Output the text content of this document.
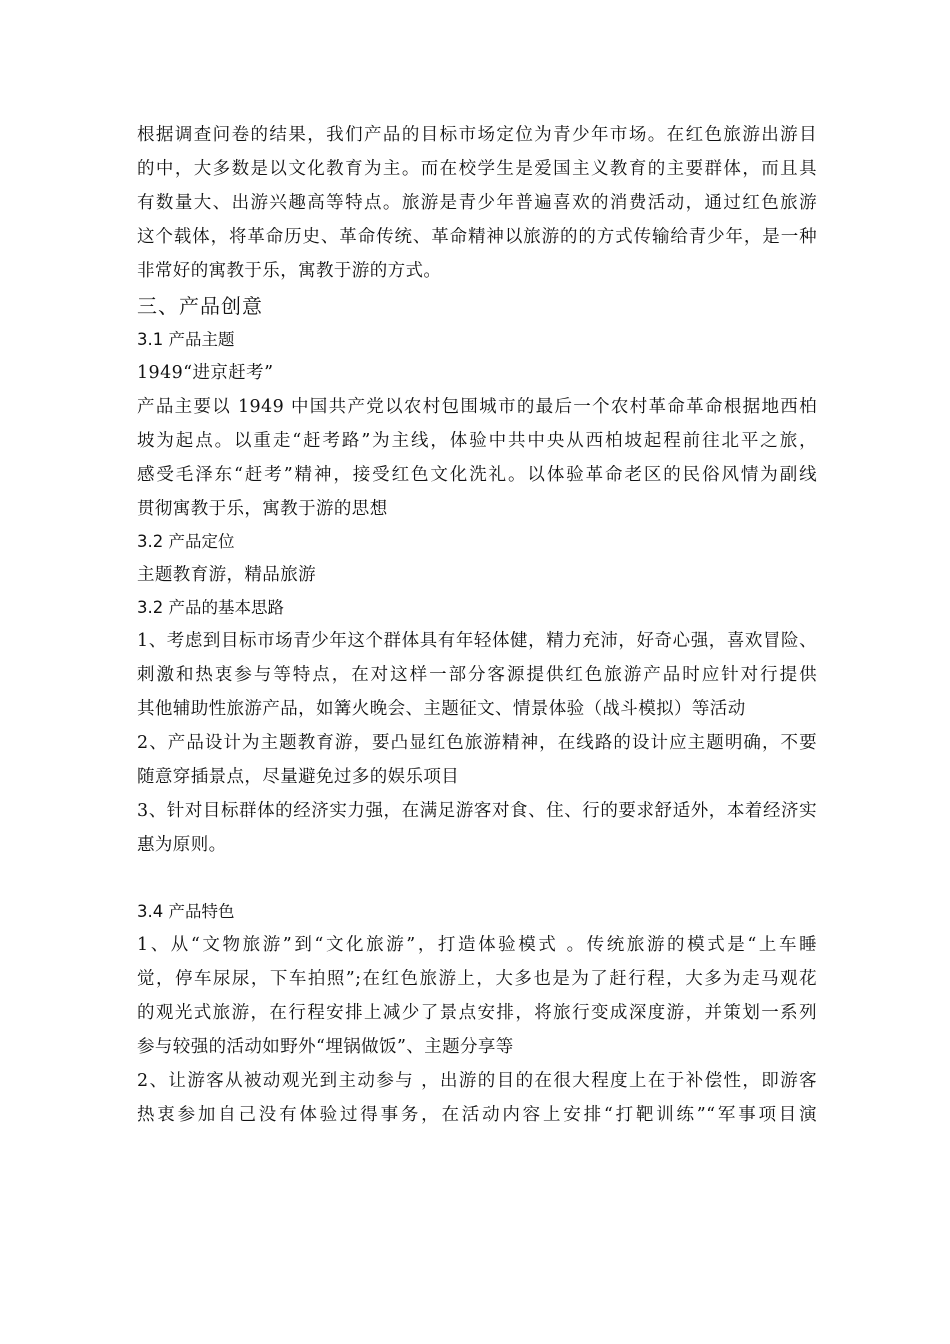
根据调查问卷的结果，我们产品的目标市场定位为青少年市场。在红色旅游出游目
的中，大多数是以文化教育为主。而在校学生是爱国主义教育的主要群体，而且具
有数量大、出游兴趣高等特点。旅游是青少年普遍喜欢的消费活动，通过红色旅游
这个载体，将革命历史、革命传统、革命精神以旅游的的方式传输给青少年，是一种
非常好的寓教于乐，寓教于游的方式。
三、产品创意
3.1 产品主题
1949“进京赶考”
产品主要以 1949 中国共产党以农村包围城市的最后一个农村革命革命根据地西柏
坡为起点。以重走“赶考路”为主线，体验中共中央从西柏坡起程前往北平之旅，
感受毛泽东“赶考”精神，接受红色文化洗礼。以体验革命老区的民俗风情为副线
贯彻寓教于乐，寓教于游的思想
3.2 产品定位
主题教育游，精品旅游
3.2 产品的基本思路
1、考虑到目标市场青少年这个群体具有年轻体健，精力充沛，好奇心强，喜欢冒险、
刺激和热衷参与等特点，在对这样一部分客源提供红色旅游产品时应针对行提供
其他辅助性旅游产品，如篝火晚会、主题征文、情景体验（战斗模拟）等活动
2、产品设计为主题教育游，要凸显红色旅游精神，在线路的设计应主题明确，不要
随意穿插景点，尽量避免过多的娱乐项目
3、针对目标群体的经济实力强，在满足游客对食、住、行的要求舒适外，本着经济实
惠为原则。
3.4 产品特色
1、从“文物旅游”到“文化旅游”，打造体验模式 。传统旅游的模式是“上车睡
觉，停车尿尿，下车拍照”;在红色旅游上，大多也是为了赶行程，大多为走马观花
的观光式旅游，在行程安排上减少了景点安排，将旅行变成深度游，并策划一系列
参与较强的活动如野外“埋锅做饭”、主题分享等
2、让游客从被动观光到主动参与 ，出游的目的在很大程度上在于补偿性，即游客
热衷参加自己没有体验过得事务，在活动内容上安排“打靶训练”“军事项目演
